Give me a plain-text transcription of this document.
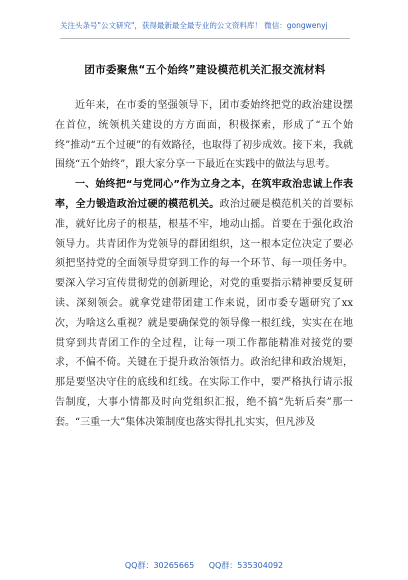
关注头条号"公文研究"，获得最新最全最专业的公文资料库！ 微信：gongwenyj
团市委聚焦“五个始终”建设模范机关汇报交流材料

近年来，在市委的坚强领导下，团市委始终把党的政治建设摆在首位，统领机关建设的方方面面，积极探索，形成了“五个始终”推动“五个过硬”的有效路径，也取得了初步成效。接下来，我就围绕“五个始终”，跟大家分享一下最近在实践中的做法与思考。

一、始终把“与党同心”作为立身之本，在筑牢政治忠诚上作表率，全力锻造政治过硬的模范机关。政治过硬是模范机关的首要标准，就好比房子的根基，根基不牢，地动山摇。首要在于强化政治领导力。共青团作为党领导的群团组织，这一根本定位决定了要必须把坚持党的全面领导贯穿到工作的每一个环节、每一项任务中。要深入学习宣传贯彻党的创新理论，对党的重要指示精神要反复研读、深刻领会。就拿党建带团建工作来说，团市委专题研究了xx次，为啥这么重视？就是要确保党的领导像一根红线，实实在在地贯穿到共青团工作的全过程，让每一项工作都能精准对接党的要求，不偏不倚。关键在于提升政治领悟力。政治纪律和政治规矩，那是要坚决守住的底线和红线。在实际工作中，要严格执行请示报告制度，大事小情都及时向党组织汇报，绝不搞“先斩后奏”那一套。“三重一大”集体决策制度也落实得扎扎实实，但凡涉及

QQ群：30265665 QQ群：535304092
